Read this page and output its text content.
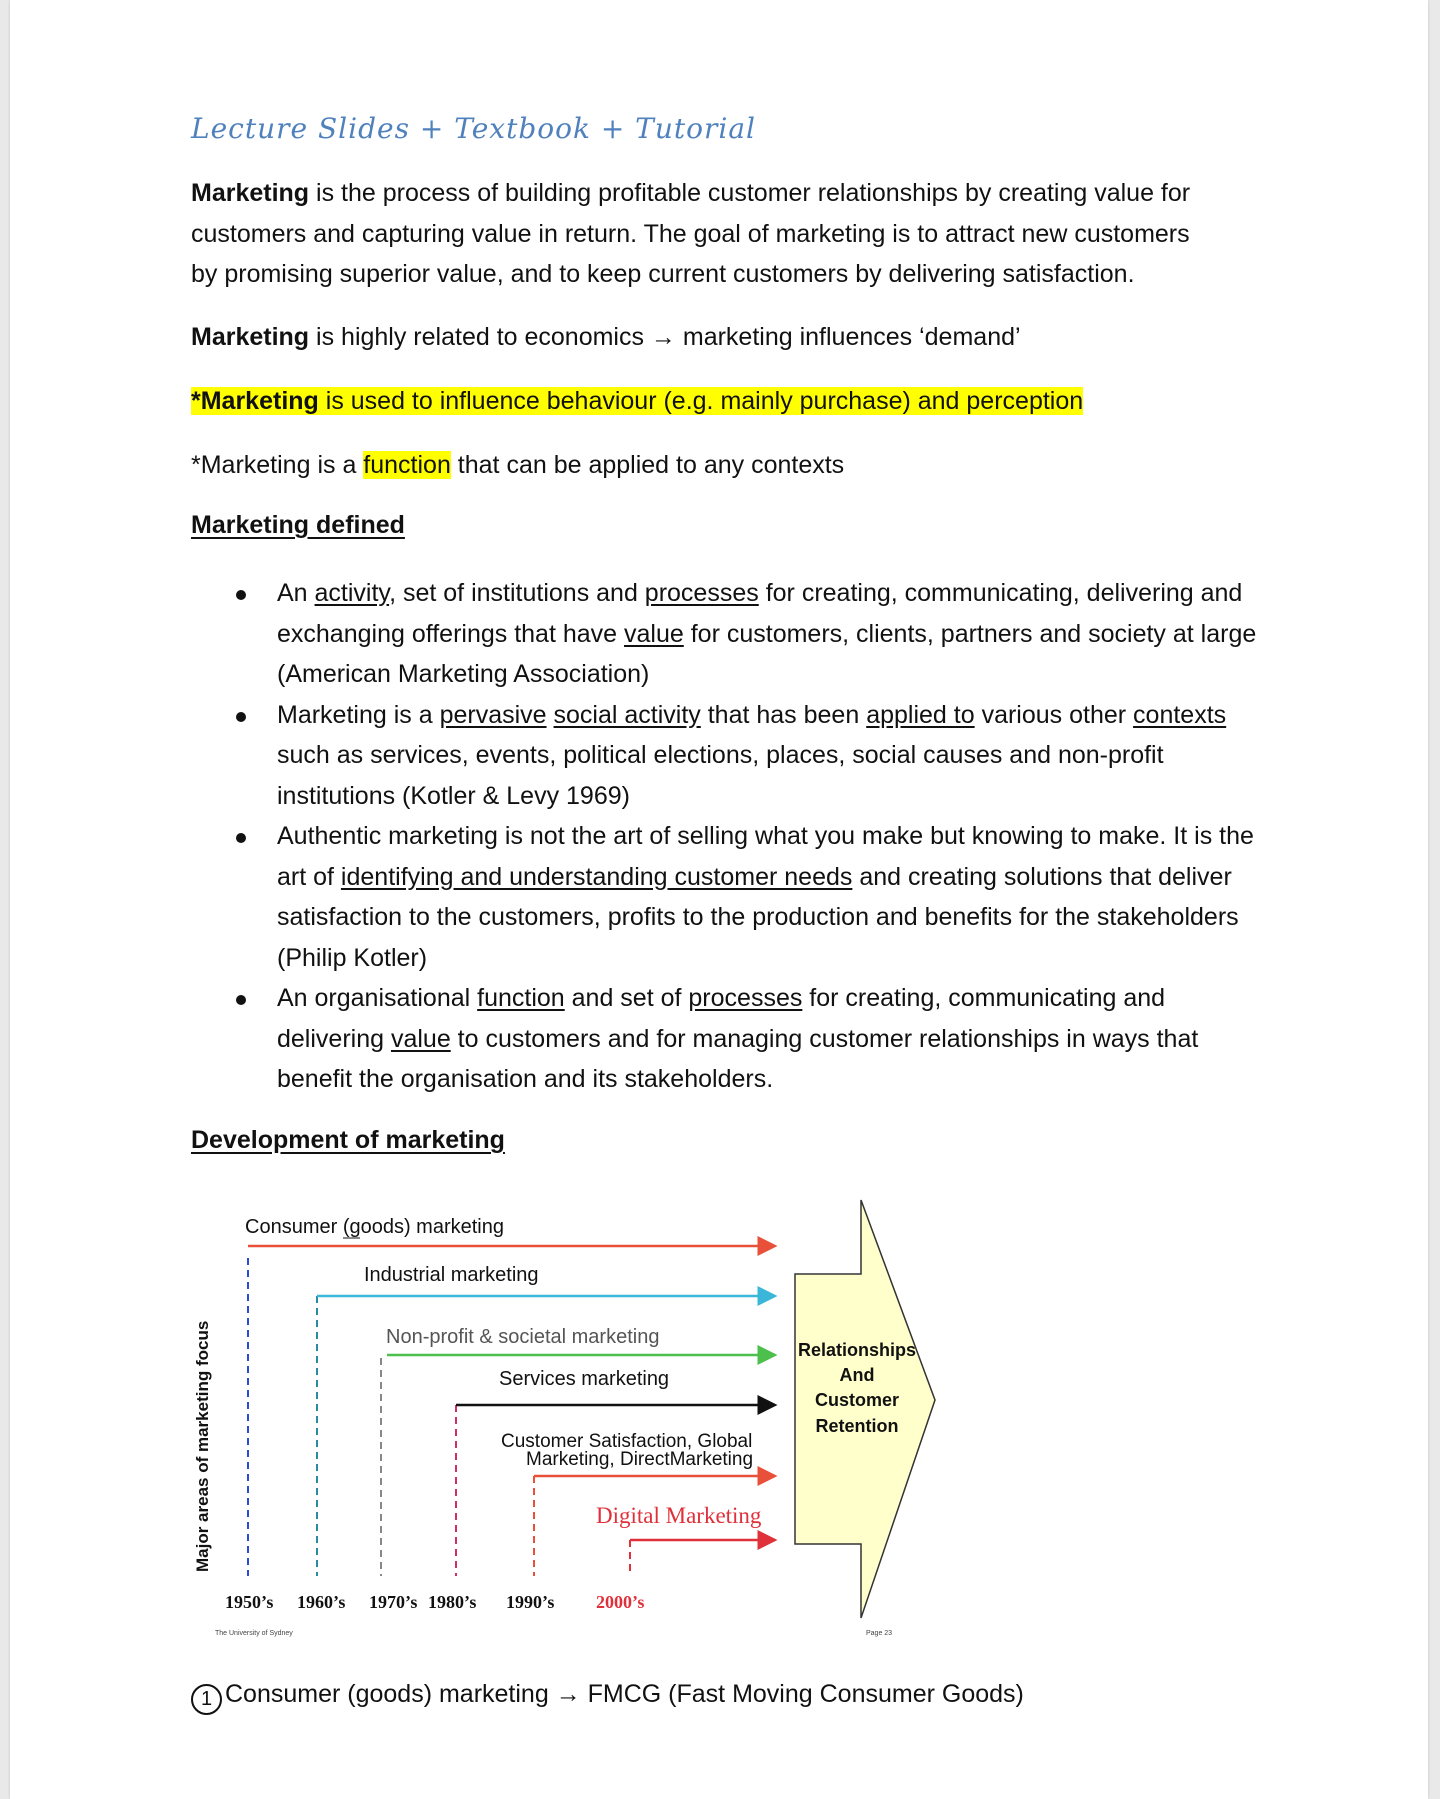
Lecture Slides + Textbook + Tutorial
Marketing is the process of building profitable customer relationships by creating value for
customers and capturing value in return. The goal of marketing is to attract new customers
by promising superior value, and to keep current customers by delivering satisfaction.
Marketing is highly related to economics → marketing influences ‘demand’
*Marketing is used to influence behaviour (e.g. mainly purchase) and perception
*Marketing is a function that can be applied to any contexts
Marketing defined
An activity, set of institutions and processes for creating, communicating, delivering and exchanging offerings that have value for customers, clients, partners and society at large (American Marketing Association)
Marketing is a pervasive social activity that has been applied to various other contexts such as services, events, political elections, places, social causes and non-profit institutions (Kotler & Levy 1969)
Authentic marketing is not the art of selling what you make but knowing to make. It is the art of identifying and understanding customer needs and creating solutions that deliver satisfaction to the customers, profits to the production and benefits for the stakeholders (Philip Kotler)
An organisational function and set of processes for creating, communicating and delivering value to customers and for managing customer relationships in ways that benefit the organisation and its stakeholders.
Development of marketing
Major areas of marketing focus
Consumer (goods) marketing
Industrial marketing
Non-profit & societal marketing
Services marketing
Customer Satisfaction, Global
Marketing, DirectMarketing
Digital Marketing
Relationships
And
Customer
Retention
1950’s 1960’s 1970’s 1980’s 1990’s 2000’s
The University of Sydney	Page 23
1 Consumer (goods) marketing → FMCG (Fast Moving Consumer Goods)
